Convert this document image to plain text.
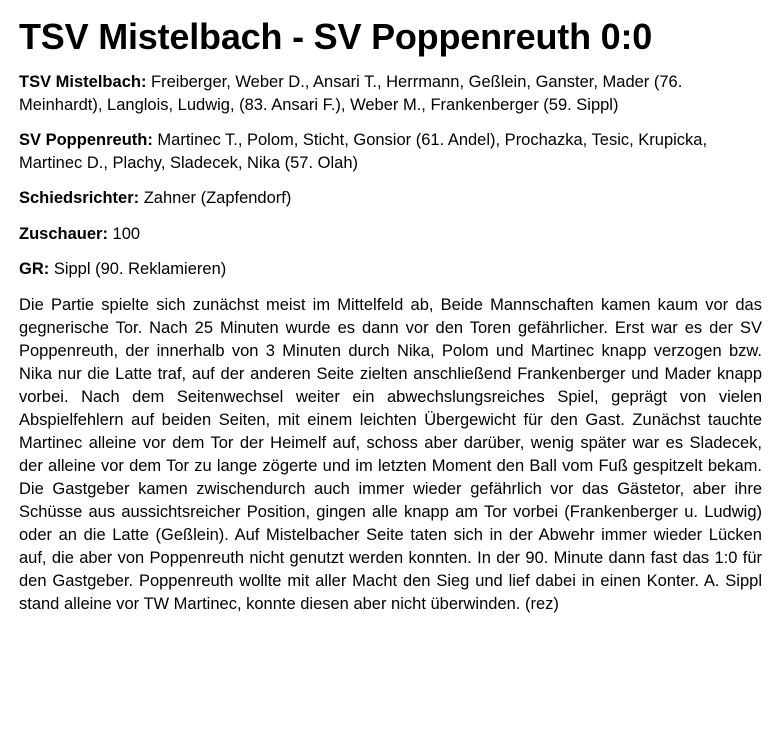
TSV Mistelbach - SV Poppenreuth 0:0

TSV Mistelbach: Freiberger, Weber D., Ansari T., Herrmann, Geßlein, Ganster, Mader (76. Meinhardt), Langlois, Ludwig, (83. Ansari F.), Weber M., Frankenberger (59. Sippl)

SV Poppenreuth: Martinec T., Polom, Sticht, Gonsior (61. Andel), Prochazka, Tesic, Krupicka, Martinec D., Plachy, Sladecek, Nika (57. Olah)

Schiedsrichter: Zahner (Zapfendorf)

Zuschauer: 100

GR: Sippl (90. Reklamieren)

Die Partie spielte sich zunächst meist im Mittelfeld ab, Beide Mannschaften kamen kaum vor das gegnerische Tor. Nach 25 Minuten wurde es dann vor den Toren gefährlicher. Erst war es der SV Poppenreuth, der innerhalb von 3 Minuten durch Nika, Polom und Martinec knapp verzogen bzw. Nika nur die Latte traf, auf der anderen Seite zielten anschließend Frankenberger und Mader knapp vorbei. Nach dem Seitenwechsel weiter ein abwechslungsreiches Spiel, geprägt von vielen Abspielfehlern auf beiden Seiten, mit einem leichten Übergewicht für den Gast. Zunächst tauchte Martinec alleine vor dem Tor der Heimelf auf, schoss aber darüber, wenig später war es Sladecek, der alleine vor dem Tor zu lange zögerte und im letzten Moment den Ball vom Fuß gespitzelt bekam. Die Gastgeber kamen zwischendurch auch immer wieder gefährlich vor das Gästetor, aber ihre Schüsse aus aussichtsreicher Position, gingen alle knapp am Tor vorbei (Frankenberger u. Ludwig) oder an die Latte (Geßlein). Auf Mistelbacher Seite taten sich in der Abwehr immer wieder Lücken auf, die aber von Poppenreuth nicht genutzt werden konnten. In der 90. Minute dann fast das 1:0 für den Gastgeber. Poppenreuth wollte mit aller Macht den Sieg und lief dabei in einen Konter. A. Sippl stand alleine vor TW Martinec, konnte diesen aber nicht überwinden. (rez)
